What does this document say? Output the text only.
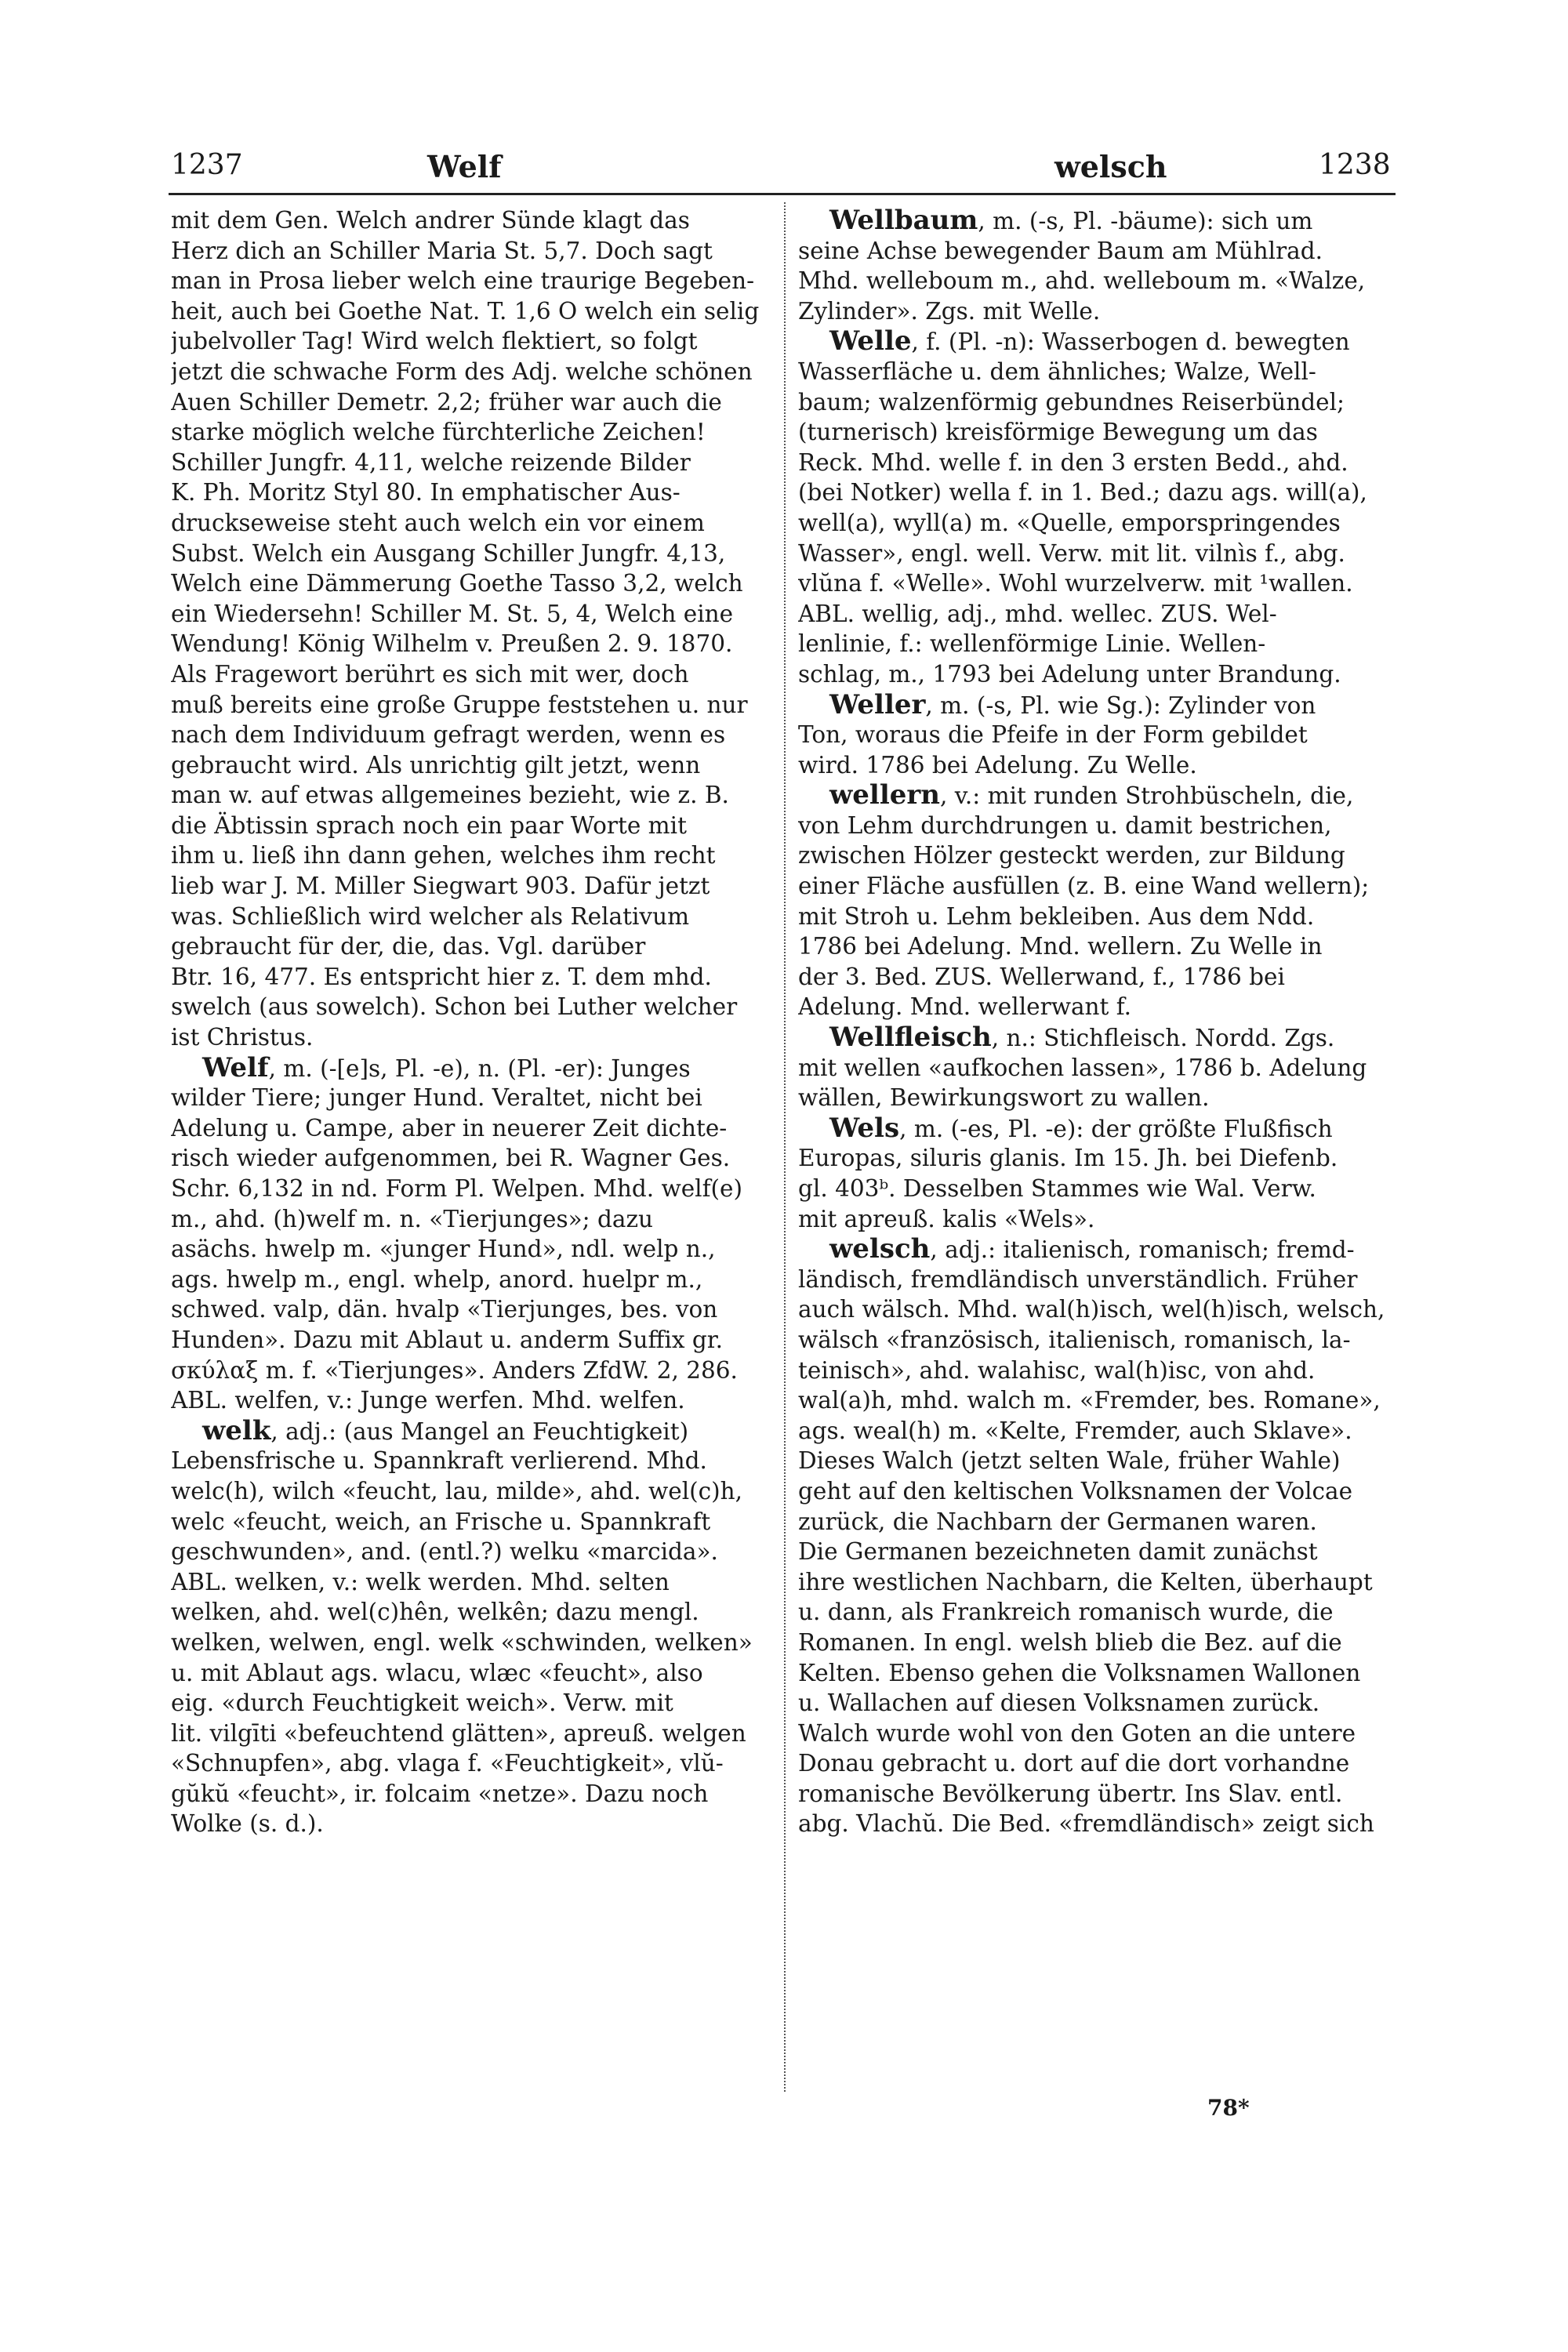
1237	Welf	welsch	1238
mit dem Gen. Welch andrer Sünde klagt das
Herz dich an Schiller Maria St. 5,7. Doch sagt
man in Prosa lieber welch eine traurige Begeben-
heit, auch bei Goethe Nat. T. 1,6 O welch ein selig
jubelvoller Tag! Wird welch flektiert, so folgt
jetzt die schwache Form des Adj. welche schönen
Auen Schiller Demetr. 2,2; früher war auch die
starke möglich welche fürchterliche Zeichen!
Schiller Jungfr. 4,11, welche reizende Bilder
K. Ph. Moritz Styl 80. In emphatischer Aus-
druckseweise steht auch welch ein vor einem
Subst. Welch ein Ausgang Schiller Jungfr. 4,13,
Welch eine Dämmerung Goethe Tasso 3,2, welch
ein Wiedersehn! Schiller M. St. 5, 4, Welch eine
Wendung! König Wilhelm v. Preußen 2. 9. 1870.
Als Fragewort berührt es sich mit wer, doch
muß bereits eine große Gruppe feststehen u. nur
nach dem Individuum gefragt werden, wenn es
gebraucht wird. Als unrichtig gilt jetzt, wenn
man w. auf etwas allgemeines bezieht, wie z. B.
die Äbtissin sprach noch ein paar Worte mit
ihm u. ließ ihn dann gehen, welches ihm recht
lieb war J. M. Miller Siegwart 903. Dafür jetzt
was. Schließlich wird welcher als Relativum
gebraucht für der, die, das. Vgl. darüber
Btr. 16, 477. Es entspricht hier z. T. dem mhd.
swelch (aus sowelch). Schon bei Luther welcher
ist Christus.
Welf, m. (-[e]s, Pl. -e), n. (Pl. -er): Junges
wilder Tiere; junger Hund. Veraltet, nicht bei
Adelung u. Campe, aber in neuerer Zeit dichte-
risch wieder aufgenommen, bei R. Wagner Ges.
Schr. 6,132 in nd. Form Pl. Welpen. Mhd. welf(e)
m., ahd. (h)welf m. n. «Tierjunges»; dazu
asächs. hwelp m. «junger Hund», ndl. welp n.,
ags. hwelp m., engl. whelp, anord. huelpr m.,
schwed. valp, dän. hvalp «Tierjunges, bes. von
Hunden». Dazu mit Ablaut u. anderm Suffix gr.
σκύλαξ m. f. «Tierjunges». Anders ZfdW. 2, 286.
ABL. welfen, v.: Junge werfen. Mhd. welfen.
welk, adj.: (aus Mangel an Feuchtigkeit)
Lebensfrische u. Spannkraft verlierend. Mhd.
welc(h), wilch «feucht, lau, milde», ahd. wel(c)h,
welc «feucht, weich, an Frische u. Spannkraft
geschwunden», and. (entl.?) welku «marcida».
ABL. welken, v.: welk werden. Mhd. selten
welken, ahd. wel(c)hên, welkên; dazu mengl.
welken, welwen, engl. welk «schwinden, welken»
u. mit Ablaut ags. wlacu, wlæc «feucht», also
eig. «durch Feuchtigkeit weich». Verw. mit
lit. vilgīti «befeuchtend glätten», apreuß. welgen
«Schnupfen», abg. vlaga f. «Feuchtigkeit», vlŭ-
gŭkŭ «feucht», ir. folcaim «netze». Dazu noch
Wolke (s. d.).
Wellbaum, m. (-s, Pl. -bäume): sich um
seine Achse bewegender Baum am Mühlrad.
Mhd. welleboum m., ahd. welleboum m. «Walze,
Zylinder». Zgs. mit Welle.
Welle, f. (Pl. -n): Wasserbogen d. bewegten
Wasserfläche u. dem ähnliches; Walze, Well-
baum; walzenförmig gebundnes Reiserbündel;
(turnerisch) kreisförmige Bewegung um das
Reck. Mhd. welle f. in den 3 ersten Bedd., ahd.
(bei Notker) wella f. in 1. Bed.; dazu ags. will(a),
well(a), wyll(a) m. «Quelle, emporspringendes
Wasser», engl. well. Verw. mit lit. vilnìs f., abg.
vlŭna f. «Welle». Wohl wurzelverw. mit ¹wallen.
ABL. wellig, adj., mhd. wellec. ZUS. Wel-
lenlinie, f.: wellenförmige Linie. Wellen-
schlag, m., 1793 bei Adelung unter Brandung.
Weller, m. (-s, Pl. wie Sg.): Zylinder von
Ton, woraus die Pfeife in der Form gebildet
wird. 1786 bei Adelung. Zu Welle.
wellern, v.: mit runden Strohbüscheln, die,
von Lehm durchdrungen u. damit bestrichen,
zwischen Hölzer gesteckt werden, zur Bildung
einer Fläche ausfüllen (z. B. eine Wand wellern);
mit Stroh u. Lehm bekleiben. Aus dem Ndd.
1786 bei Adelung. Mnd. wellern. Zu Welle in
der 3. Bed. ZUS. Wellerwand, f., 1786 bei
Adelung. Mnd. wellerwant f.
Wellfleisch, n.: Stichfleisch. Nordd. Zgs.
mit wellen «aufkochen lassen», 1786 b. Adelung
wällen, Bewirkungswort zu wallen.
Wels, m. (-es, Pl. -e): der größte Flußfisch
Europas, siluris glanis. Im 15. Jh. bei Diefenb.
gl. 403ᵇ. Desselben Stammes wie Wal. Verw.
mit apreuß. kalis «Wels».
welsch, adj.: italienisch, romanisch; fremd-
ländisch, fremdländisch unverständlich. Früher
auch wälsch. Mhd. wal(h)isch, wel(h)isch, welsch,
wälsch «französisch, italienisch, romanisch, la-
teinisch», ahd. walahisc, wal(h)isc, von ahd.
wal(a)h, mhd. walch m. «Fremder, bes. Romane»,
ags. weal(h) m. «Kelte, Fremder, auch Sklave».
Dieses Walch (jetzt selten Wale, früher Wahle)
geht auf den keltischen Volksnamen der Volcae
zurück, die Nachbarn der Germanen waren.
Die Germanen bezeichneten damit zunächst
ihre westlichen Nachbarn, die Kelten, überhaupt
u. dann, als Frankreich romanisch wurde, die
Romanen. In engl. welsh blieb die Bez. auf die
Kelten. Ebenso gehen die Volksnamen Wallonen
u. Wallachen auf diesen Volksnamen zurück.
Walch wurde wohl von den Goten an die untere
Donau gebracht u. dort auf die dort vorhandne
romanische Bevölkerung übertr. Ins Slav. entl.
abg. Vlachŭ. Die Bed. «fremdländisch» zeigt sich
78*
